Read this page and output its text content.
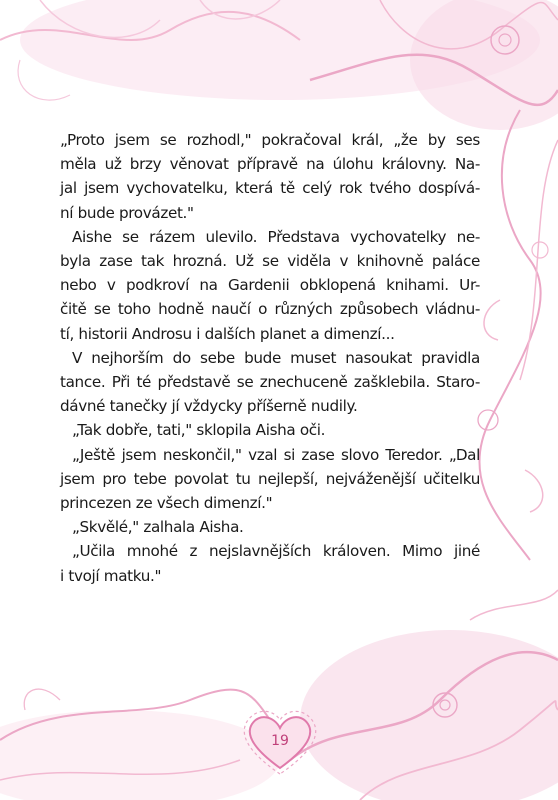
„Proto jsem se rozhodl," pokračoval král, „že by ses
měla už brzy věnovat přípravě na úlohu královny. Na-
jal jsem vychovatelku, která tě celý rok tvého dospívá-
ní bude provázet."
Aishe se rázem ulevilo. Představa vychovatelky ne-
byla zase tak hrozná. Už se viděla v knihovně paláce
nebo v podkroví na Gardenii obklopená knihami. Ur-
čitě se toho hodně naučí o různých způsobech vládnu-
tí, historii Androsu i dalších planet a dimenzí...
V nejhorším do sebe bude muset nasoukat pravidla
tance. Při té představě se znechuceně zašklebila. Staro-
dávné tanečky jí vždycky příšerně nudily.
„Tak dobře, tati," sklopila Aisha oči.
„Ještě jsem neskončil," vzal si zase slovo Teredor. „Dal
jsem pro tebe povolat tu nejlepší, nejváženější učitelku
princezen ze všech dimenzí."
„Skvělé," zalhala Aisha.
„Učila mnohé z nejslavnějších královen. Mimo jiné
i tvojí matku."
19
